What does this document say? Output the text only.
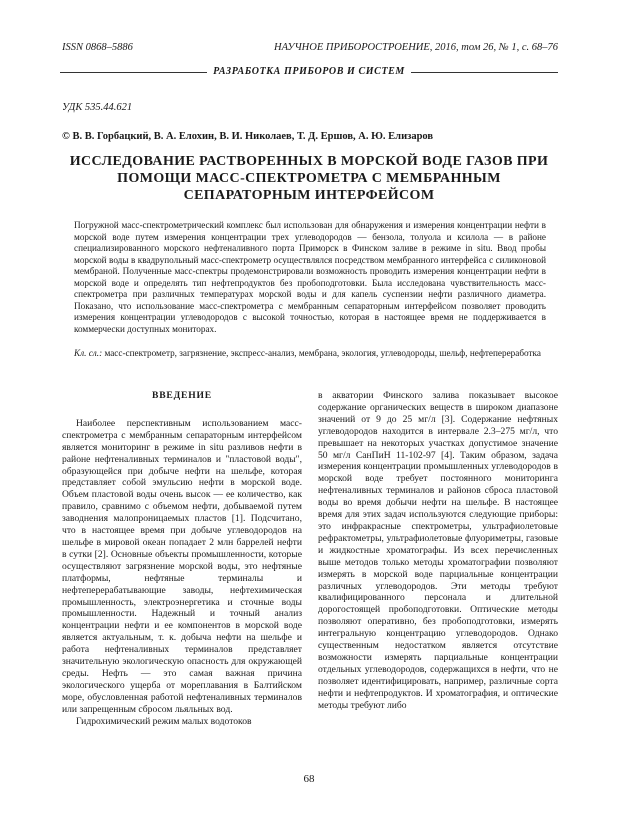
ISSN 0868–5886	НАУЧНОЕ ПРИБОРОСТРОЕНИЕ, 2016, том 26, № 1, с. 68–76
РАЗРАБОТКА ПРИБОРОВ И СИСТЕМ
УДК 535.44.621
© В. В. Горбацкий, В. А. Елохин, В. И. Николаев, Т. Д. Ершов, А. Ю. Елизаров
ИССЛЕДОВАНИЕ РАСТВОРЕННЫХ В МОРСКОЙ ВОДЕ ГАЗОВ ПРИ ПОМОЩИ МАСС-СПЕКТРОМЕТРА С МЕМБРАННЫМ СЕПАРАТОРНЫМ ИНТЕРФЕЙСОМ
Погружной масс-спектрометрический комплекс был использован для обнаружения и измерения концентрации нефти в морской воде путем измерения концентрации трех углеводородов — бензола, толуола и ксилола — в районе специализированного морского нефтеналивного порта Приморск в Финском заливе в режиме in situ. Ввод пробы морской воды в квадрупольный масс-спектрометр осуществлялся посредством мембранного интерфейса с силиконовой мембраной. Полученные масс-спектры продемонстрировали возможность проводить измерения концентрации нефти в морской воде и определять тип нефтепродуктов без пробоподготовки. Была исследована чувствительность масс-спектрометра при различных температурах морской воды и для капель суспензии нефти различного диаметра. Показано, что использование масс-спектрометра с мембранным сепараторным интерфейсом позволяет проводить измерения концентрации углеводородов с высокой точностью, которая в настоящее время не поддерживается в коммерчески доступных мониторах.
Кл. сл.: масс-спектрометр, загрязнение, экспресс-анализ, мембрана, экология, углеводороды, шельф, нефтепереработка

ВВЕДЕНИЕ

Наиболее перспективным использованием масс-спектрометра с мембранным сепараторным интерфейсом является мониторинг в режиме in situ разливов нефти в районе нефтеналивных терминалов и "пластовой воды", образующейся при добыче нефти на шельфе, которая представляет собой эмульсию нефти в морской воде. Объем пластовой воды очень высок — ее количество, как правило, сравнимо с объемом нефти, добываемой путем заводнения малопроницаемых пластов [1]. Подсчитано, что в настоящее время при добыче углеводородов на шельфе в мировой океан попадает 2 млн баррелей нефти в сутки [2]. Основные объекты промышленности, которые осуществляют загрязнение морской воды, это нефтяные платформы, нефтяные терминалы и нефтеперерабатывающие заводы, нефтехимическая промышленность, электроэнергетика и сточные воды промышленности. Надежный и точный анализ концентрации нефти и ее компонентов в морской воде является актуальным, т. к. добыча нефти на шельфе и работа нефтеналивных терминалов представляет значительную экологическую опасность для окружающей среды. Нефть — это самая важная причина экологического ущерба от мореплавания в Балтийском море, обусловленная работой нефтеналивных терминалов или запрещенным сбросом льяльных вод.

Гидрохимический режим малых водотоков

в акватории Финского залива показывает высокое содержание органических веществ в широком диапазоне значений от 9 до 25 мг/л [3]. Содержание нефтяных углеводородов находится в интервале 2.3–275 мг/л, что превышает на некоторых участках допустимое значение 50 мг/л СанПиН 11-102-97 [4]. Таким образом, задача измерения концентрации промышленных углеводородов в морской воде требует постоянного мониторинга нефтеналивных терминалов и районов сброса пластовой воды во время добычи нефти на шельфе. В настоящее время для этих задач используются следующие приборы: это инфракрасные спектрометры, ультрафиолетовые рефрактометры, ультрафиолетовые флуориметры, газовые и жидкостные хроматографы. Из всех перечисленных выше методов только методы хроматографии позволяют измерять в морской воде парциальные концентрации различных углеводородов. Эти методы требуют квалифицированного персонала и длительной дорогостоящей пробоподготовки. Оптические методы позволяют оперативно, без пробоподготовки, измерять интегральную концентрацию углеводородов. Однако существенным недостатком является отсутствие возможности измерять парциальные концентрации отдельных углеводородов, содержащихся в нефти, что не позволяет идентифицировать, например, различные сорта нефти и нефтепродуктов. И хроматография, и оптические методы требуют либо

68
